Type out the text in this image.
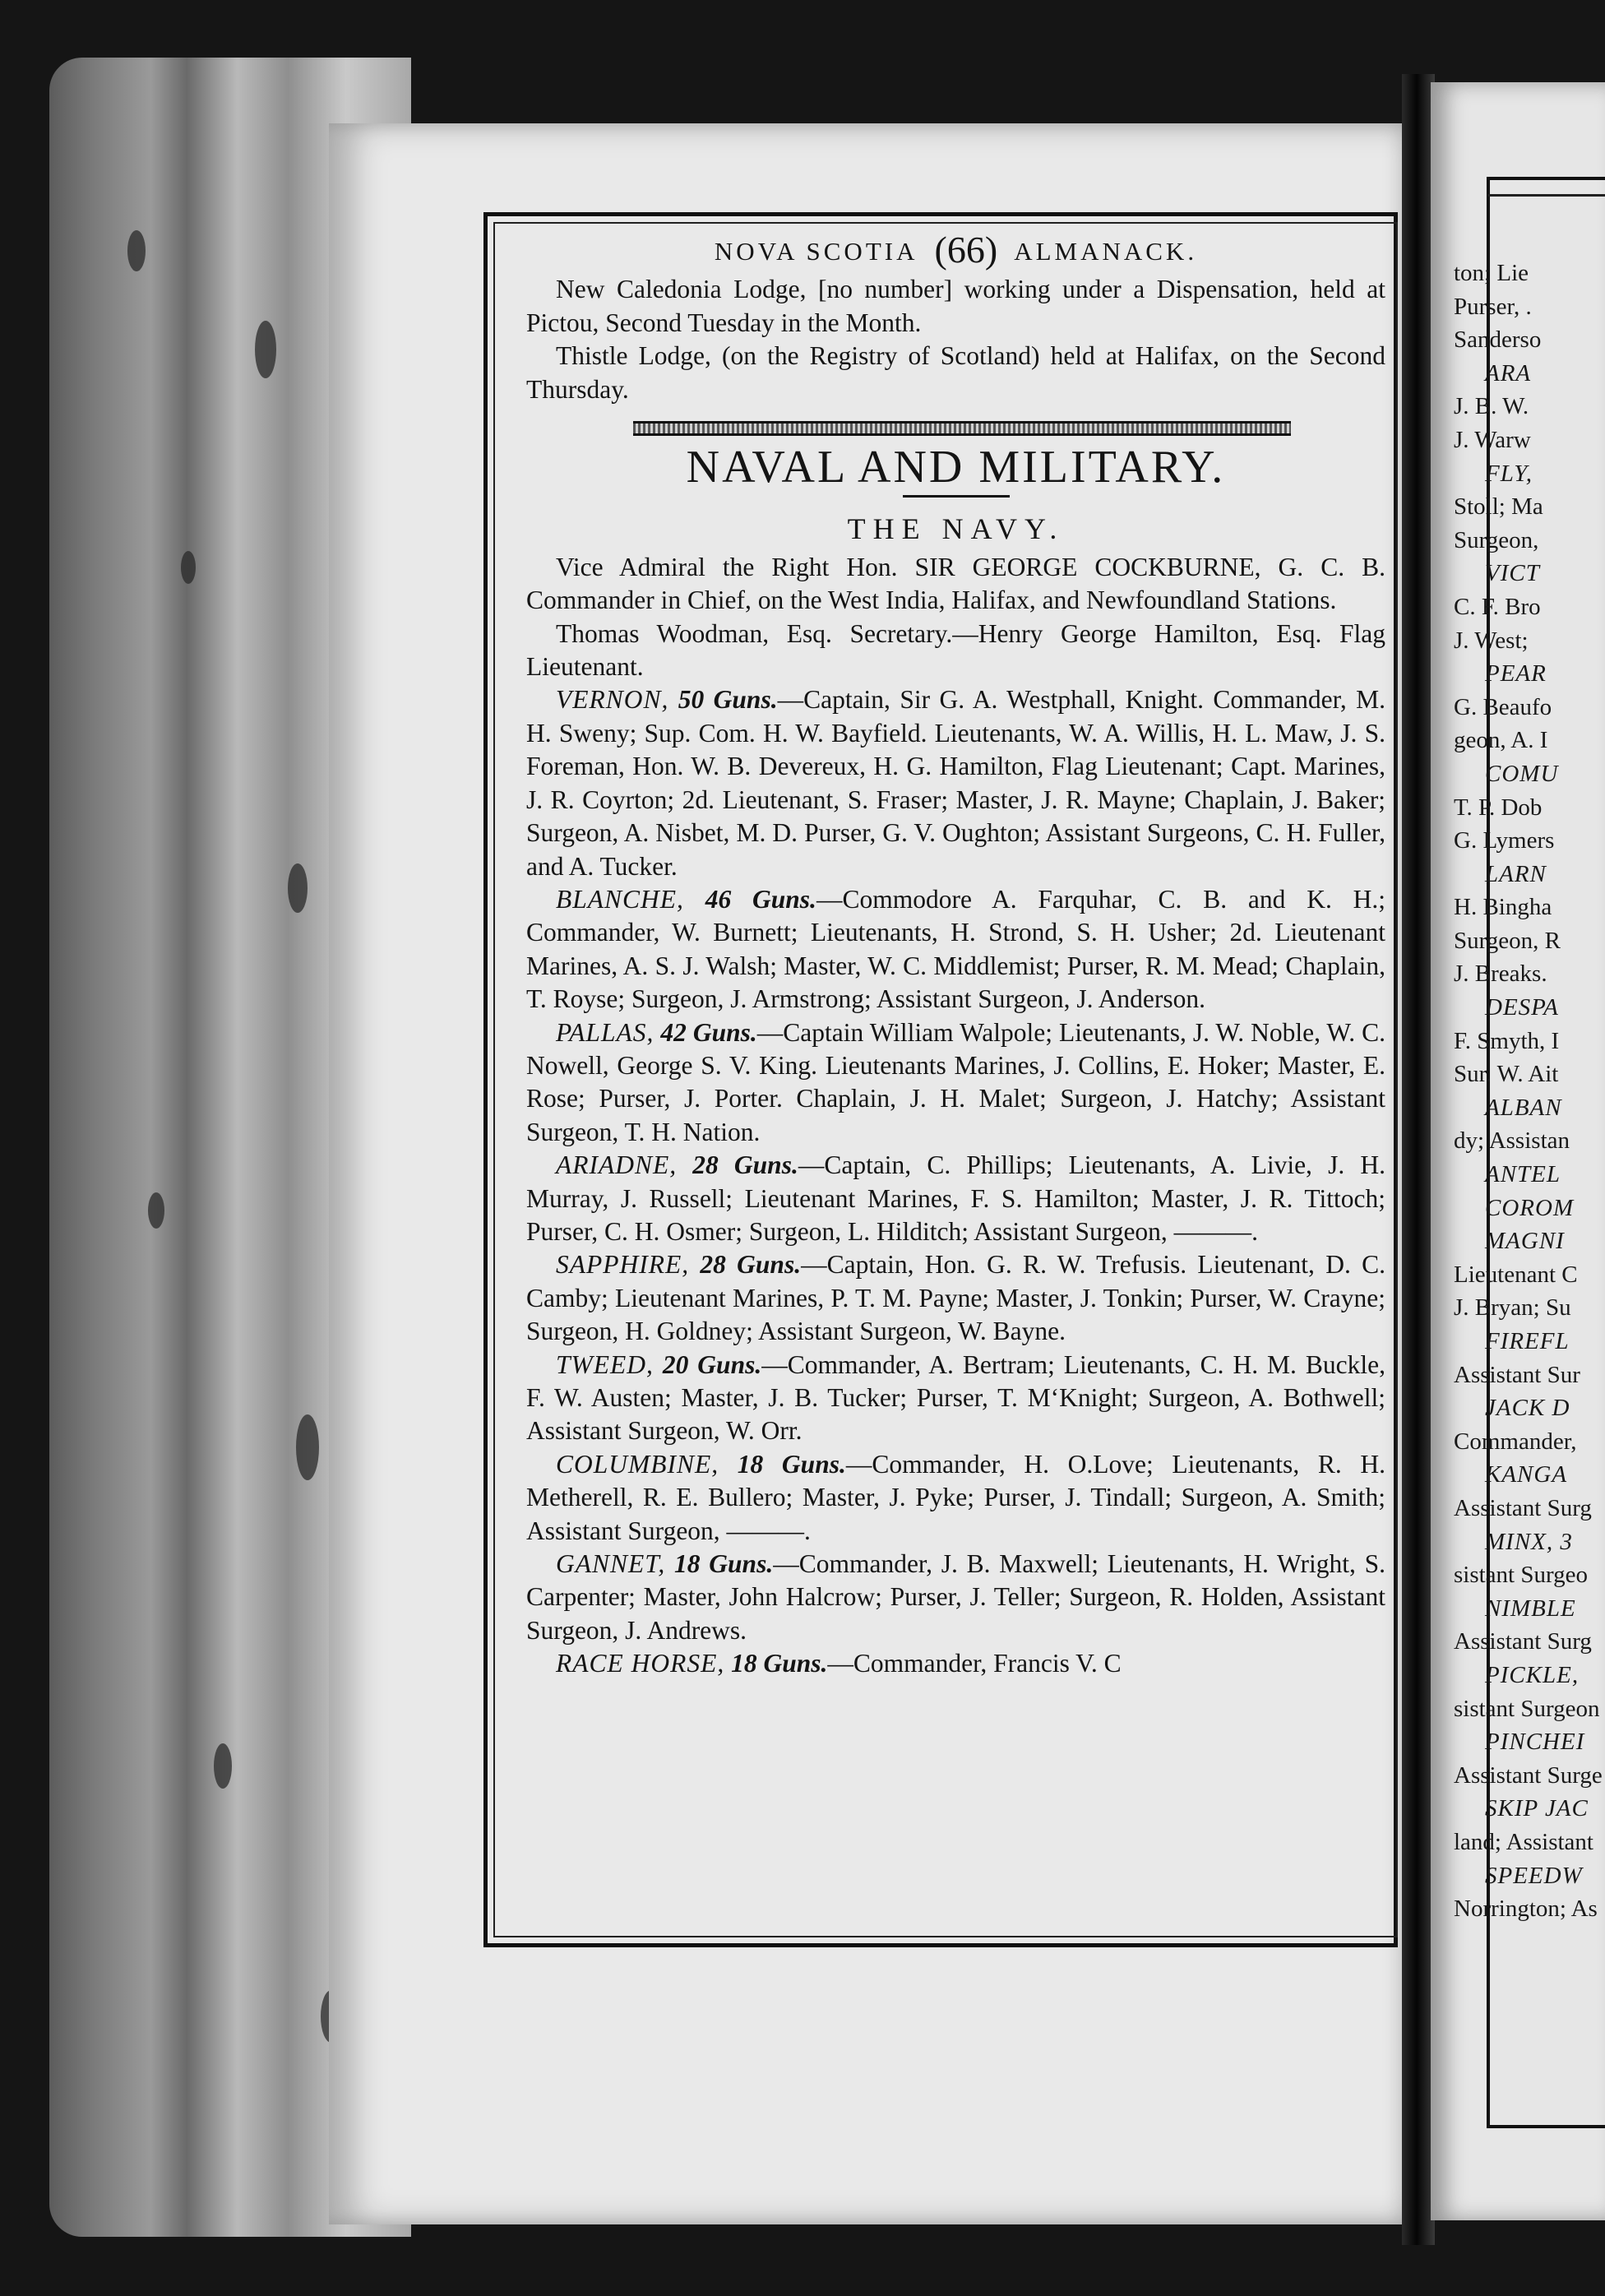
NOVA SCOTIA (66) ALMANACK.

New Caledonia Lodge, [no number] working under a Dispensation, held at Pictou, Second Tuesday in the Month.

Thistle Lodge, (on the Registry of Scotland) held at Halifax, on the Second Thursday.

NAVAL AND MILITARY.
THE NAVY.

Vice Admiral the Right Hon. SIR GEORGE COCKBURNE, G. C. B. Commander in Chief, on the West India, Halifax, and Newfoundland Stations.

Thomas Woodman, Esq. Secretary.—Henry George Hamilton, Esq. Flag Lieutenant.

VERNON, 50 Guns.—Captain, Sir G. A. Westphall, Knight. Commander, M. H. Sweny; Sup. Com. H. W. Bayfield. Lieutenants, W. A. Willis, H. L. Maw, J. S. Foreman, Hon. W. B. Devereux, H. G. Hamilton, Flag Lieutenant; Capt. Marines, J. R. Coyrton; 2d. Lieutenant, S. Fraser; Master, J. R. Mayne; Chaplain, J. Baker; Surgeon, A. Nisbet, M. D. Purser, G. V. Oughton; Assistant Surgeons, C. H. Fuller, and A. Tucker.

BLANCHE, 46 Guns.—Commodore A. Farquhar, C. B. and K. H.; Commander, W. Burnett; Lieutenants, H. Strond, S. H. Usher; 2d. Lieutenant Marines, A. S. J. Walsh; Master, W. C. Middlemist; Purser, R. M. Mead; Chaplain, T. Royse; Surgeon, J. Armstrong; Assistant Surgeon, J. Anderson.

PALLAS, 42 Guns.—Captain William Walpole; Lieutenants, J. W. Noble, W. C. Nowell, George S. V. King. Lieutenants Marines, J. Collins, E. Hoker; Master, E. Rose; Purser, J. Porter. Chaplain, J. H. Malet; Surgeon, J. Hatchy; Assistant Surgeon, T. H. Nation.

ARIADNE, 28 Guns.—Captain, C. Phillips; Lieutenants, A. Livie, J. H. Murray, J. Russell; Lieutenant Marines, F. S. Hamilton; Master, J. R. Tittoch; Purser, C. H. Osmer; Surgeon, L. Hilditch; Assistant Surgeon, ———.

SAPPHIRE, 28 Guns.—Captain, Hon. G. R. W. Trefusis. Lieutenant, D. C. Camby; Lieutenant Marines, P. T. M. Payne; Master, J. Tonkin; Purser, W. Crayne; Surgeon, H. Goldney; Assistant Surgeon, W. Bayne.

TWEED, 20 Guns.—Commander, A. Bertram; Lieutenants, C. H. M. Buckle, F. W. Austen; Master, J. B. Tucker; Purser, T. M‘Knight; Surgeon, A. Bothwell; Assistant Surgeon, W. Orr.

COLUMBINE, 18 Guns.—Commander, H. O.Love; Lieutenants, R. H. Metherell, R. E. Bullero; Master, J. Pyke; Purser, J. Tindall; Surgeon, A. Smith; Assistant Surgeon, ———.

GANNET, 18 Guns.—Commander, J. B. Maxwell; Lieutenants, H. Wright, S. Carpenter; Master, John Halcrow; Purser, J. Teller; Surgeon, R. Holden, Assistant Surgeon, J. Andrews.

RACE HORSE, 18 Guns.—Commander, Francis V. C

ton; Lie
Purser, .
Sanderso
ARA
J. B. W.
J. Warw
FLY,
Stoll; Ma
Surgeon,
VICT
C. F. Bro
J. West;
PEAR
G. Beaufo
geon, A. I
COMU
T. P. Dob
G. Lymers
LARN
H. Bingha
Surgeon, R
J. Breaks.
DESPA
F. Smyth, I
Sur. W. Ait
ALBAN
dy; Assistan
ANTEL
COROM
MAGNI
Lieutenant C
J. Bryan; Su
FIREFL
Assistant Sur
JACK D
Commander,
KANGA
Assistant Surg
MINX, 3
sistant Surgeo
NIMBLE
Assistant Surg
PICKLE,
sistant Surgeon
PINCHEI
Assistant Surge
SKIP JAC
land; Assistant
SPEEDW
Norrington; As
